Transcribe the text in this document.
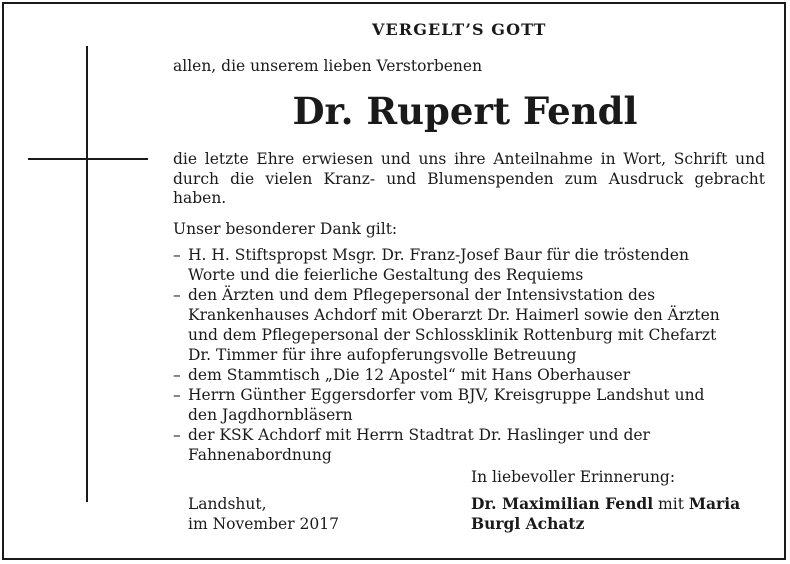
VERGELT’S GOTT
allen, die unserem lieben Verstorbenen
Dr. Rupert Fendl
die letzte Ehre erwiesen und uns ihre Anteilnahme in Wort, Schrift und durch die vielen Kranz- und Blumenspenden zum Ausdruck gebracht haben.
Unser besonderer Dank gilt:
– H. H. Stiftspropst Msgr. Dr. Franz-Josef Baur für die tröstenden
Worte und die feierliche Gestaltung des Requiems
– den Ärzten und dem Pflegepersonal der Intensivstation des
Krankenhauses Achdorf mit Oberarzt Dr. Haimerl sowie den Ärzten
und dem Pflegepersonal der Schlossklinik Rottenburg mit Chefarzt
Dr. Timmer für ihre aufopferungsvolle Betreuung
– dem Stammtisch „Die 12 Apostel“ mit Hans Oberhauser
– Herrn Günther Eggersdorfer vom BJV, Kreisgruppe Landshut und
den Jagdhornbläsern
– der KSK Achdorf mit Herrn Stadtrat Dr. Haslinger und der
Fahnenabordnung
In liebevoller Erinnerung:
Landshut,
im November 2017
Dr. Maximilian Fendl mit Maria
Burgl Achatz
